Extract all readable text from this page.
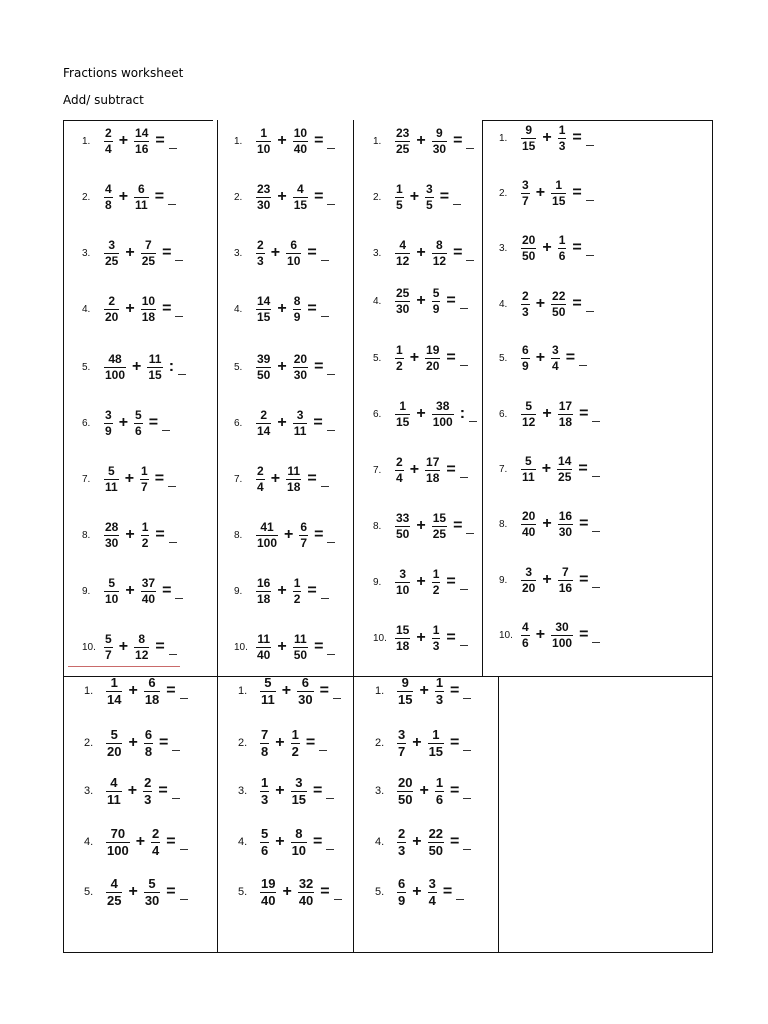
Fractions worksheet
Add/ subtract
1.	$\frac{2}{4} + \frac{14}{16}$ =
2.	$\frac{4}{8} + \frac{6}{11}$ =
3.	$\frac{3}{25} + \frac{7}{25}$ =
4.	$\frac{2}{20} + \frac{10}{18}$ =
5.	$\frac{48}{100} + \frac{11}{15}$ :
6.	$\frac{3}{9} + \frac{5}{6}$ =
7.	$\frac{5}{11} + \frac{1}{7}$ =
8.	$\frac{28}{30} + \frac{1}{2}$ =
9.	$\frac{5}{10} + \frac{37}{40}$ =
10. $\frac{5}{7} + \frac{8}{12}$ =
1.	$\frac{1}{10} + \frac{10}{40}$ =
2.	$\frac{23}{30} + \frac{4}{15}$ =
3.	$\frac{2}{3} + \frac{6}{10}$ =
4.	$\frac{14}{15} + \frac{8}{9}$ =
5.	$\frac{39}{50} + \frac{20}{30}$ =
6.	$\frac{2}{14} + \frac{3}{11}$ =
7.	$\frac{2}{4} + \frac{11}{18}$ =
8.	$\frac{41}{100} + \frac{6}{7}$ =
9.	$\frac{16}{18} + \frac{1}{2}$ =
10. $\frac{11}{40} + \frac{11}{50}$ =
1.	$\frac{23}{25} + \frac{9}{30}$ =
2.	$\frac{1}{5} + \frac{3}{5}$ =
3.	$\frac{4}{12} + \frac{8}{12}$ =
4.	$\frac{25}{30} + \frac{5}{9}$ =
5.	$\frac{1}{2} + \frac{19}{20}$ =
6.	$\frac{1}{15} + \frac{38}{100}$ :
7.	$\frac{2}{4} + \frac{17}{18}$ =
8.	$\frac{33}{50} + \frac{15}{25}$ =
9.	$\frac{3}{10} + \frac{1}{2}$ =
10. $\frac{15}{18} + \frac{1}{3}$ =
1.	$\frac{9}{15} + \frac{1}{3}$ =
2.	$\frac{3}{7} + \frac{1}{15}$ =
3.	$\frac{20}{50} + \frac{1}{6}$ =
4.	$\frac{2}{3} + \frac{22}{50}$ =
5.	$\frac{6}{9} + \frac{3}{4}$ =
6.	$\frac{5}{12} + \frac{17}{18}$ =
7.	$\frac{5}{11} + \frac{14}{25}$ =
8.	$\frac{20}{40} + \frac{16}{30}$ =
9.	$\frac{3}{20} + \frac{7}{16}$ =
10. $\frac{4}{6} + \frac{30}{100}$ =
1. $\frac{1}{14} + \frac{6}{18}$ =
2. $\frac{5}{20} + \frac{6}{8}$ =
3. $\frac{4}{11} + \frac{2}{3}$ =
4. $\frac{70}{100} + \frac{2}{4}$ =
5. $\frac{4}{25} + \frac{5}{30}$ =
1. $\frac{5}{11} + \frac{6}{30}$ =
2. $\frac{7}{8} + \frac{1}{2}$ =
3. $\frac{1}{3} + \frac{3}{15}$ =
4. $\frac{5}{6} + \frac{8}{10}$ =
5. $\frac{19}{40} + \frac{32}{40}$ =
1. $\frac{9}{15} + \frac{1}{3}$ =
2. $\frac{3}{7} + \frac{1}{15}$ =
3. $\frac{20}{50} + \frac{1}{6}$ =
4. $\frac{2}{3} + \frac{22}{50}$ =
5. $\frac{6}{9} + \frac{3}{4}$ =
